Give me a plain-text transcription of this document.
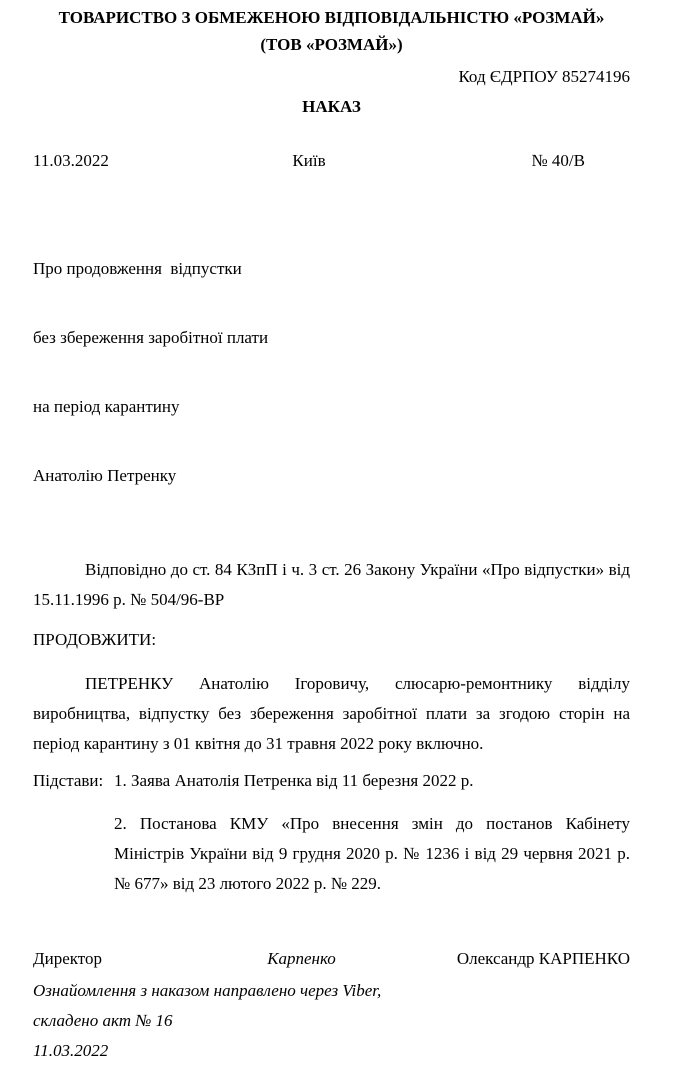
ТОВАРИСТВО З ОБМЕЖЕНОЮ ВІДПОВІДАЛЬНІСТЮ «РОЗМАЙ»
(ТОВ «РОЗМАЙ»)
Код ЄДРПОУ 85274196
НАКАЗ
11.03.2022	Київ	№ 40/В

Про продовження  відпустки

без збереження заробітної плати

на період карантину

Анатолію Петренку

Відповідно до ст. 84 КЗпП і ч. 3 ст. 26 Закону України «Про відпустки» від 15.11.1996 р. № 504/96-ВР
ПРОДОВЖИТИ:
ПЕТРЕНКУ Анатолію Ігоровичу, слюсарю-ремонтнику відділу виробництва, відпустку без збереження заробітної плати за згодою сторін на період карантину з 01 квітня до 31 травня 2022 року включно.
Підстави: 1. Заява Анатолія Петренка від 11 березня 2022 р.
2. Постанова КМУ «Про внесення змін до постанов Кабінету Міністрів України від 9 грудня 2020 р. № 1236 і від 29 червня 2021 р. № 677» від 23 лютого 2022 р. № 229.
Директор	Карпенко	Олександр КАРПЕНКО
Ознайомлення з наказом направлено через Viber,
складено акт № 16
11.03.2022
